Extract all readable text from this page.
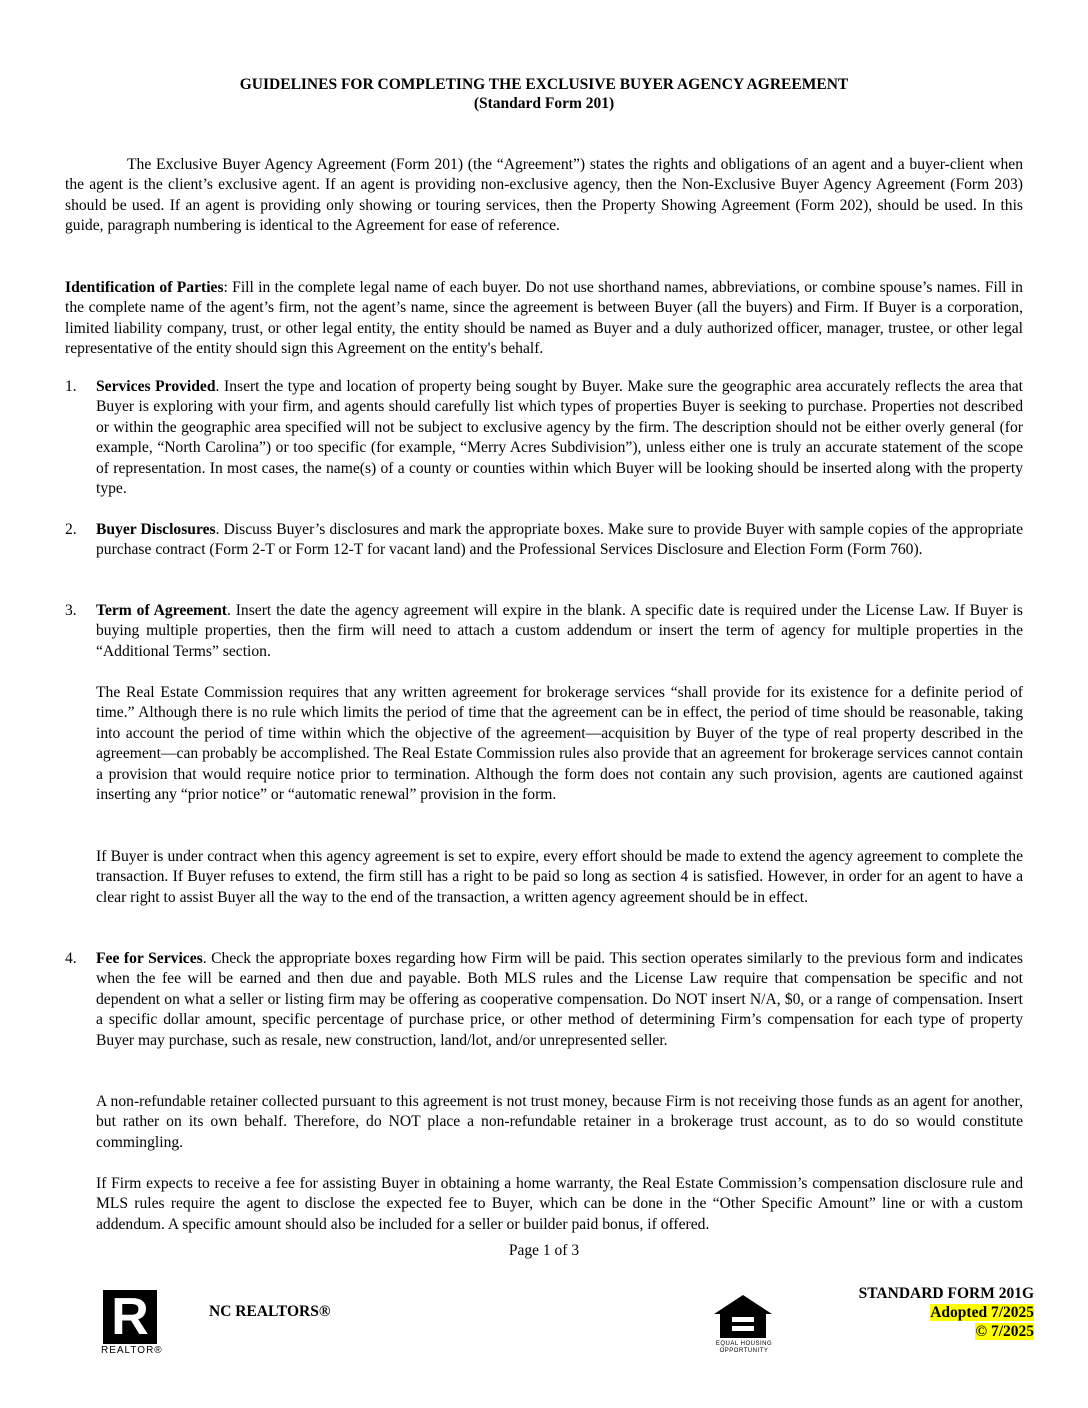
GUIDELINES FOR COMPLETING THE EXCLUSIVE BUYER AGENCY AGREEMENT
(Standard Form 201)
The Exclusive Buyer Agency Agreement (Form 201) (the “Agreement”) states the rights and obligations of an agent and a buyer-client when the agent is the client’s exclusive agent. If an agent is providing non-exclusive agency, then the Non-Exclusive Buyer Agency Agreement (Form 203) should be used. If an agent is providing only showing or touring services, then the Property Showing Agreement (Form 202), should be used. In this guide, paragraph numbering is identical to the Agreement for ease of reference.
Identification of Parties: Fill in the complete legal name of each buyer. Do not use shorthand names, abbreviations, or combine spouse’s names. Fill in the complete name of the agent’s firm, not the agent’s name, since the agreement is between Buyer (all the buyers) and Firm. If Buyer is a corporation, limited liability company, trust, or other legal entity, the entity should be named as Buyer and a duly authorized officer, manager, trustee, or other legal representative of the entity should sign this Agreement on the entity's behalf.
1.	Services Provided. Insert the type and location of property being sought by Buyer. Make sure the geographic area accurately reflects the area that Buyer is exploring with your firm, and agents should carefully list which types of properties Buyer is seeking to purchase. Properties not described or within the geographic area specified will not be subject to exclusive agency by the firm. The description should not be either overly general (for example, “North Carolina”) or too specific (for example, “Merry Acres Subdivision”), unless either one is truly an accurate statement of the scope of representation. In most cases, the name(s) of a county or counties within which Buyer will be looking should be inserted along with the property type.
2.	Buyer Disclosures. Discuss Buyer’s disclosures and mark the appropriate boxes. Make sure to provide Buyer with sample copies of the appropriate purchase contract (Form 2-T or Form 12-T for vacant land) and the Professional Services Disclosure and Election Form (Form 760).
3.	Term of Agreement. Insert the date the agency agreement will expire in the blank. A specific date is required under the License Law. If Buyer is buying multiple properties, then the firm will need to attach a custom addendum or insert the term of agency for multiple properties in the “Additional Terms” section.
The Real Estate Commission requires that any written agreement for brokerage services “shall provide for its existence for a definite period of time.” Although there is no rule which limits the period of time that the agreement can be in effect, the period of time should be reasonable, taking into account the period of time within which the objective of the agreement—acquisition by Buyer of the type of real property described in the agreement—can probably be accomplished. The Real Estate Commission rules also provide that an agreement for brokerage services cannot contain a provision that would require notice prior to termination. Although the form does not contain any such provision, agents are cautioned against inserting any “prior notice” or “automatic renewal” provision in the form.
If Buyer is under contract when this agency agreement is set to expire, every effort should be made to extend the agency agreement to complete the transaction. If Buyer refuses to extend, the firm still has a right to be paid so long as section 4 is satisfied. However, in order for an agent to have a clear right to assist Buyer all the way to the end of the transaction, a written agency agreement should be in effect.
4.	Fee for Services. Check the appropriate boxes regarding how Firm will be paid. This section operates similarly to the previous form and indicates when the fee will be earned and then due and payable. Both MLS rules and the License Law require that compensation be specific and not dependent on what a seller or listing firm may be offering as cooperative compensation. Do NOT insert N/A, $0, or a range of compensation. Insert a specific dollar amount, specific percentage of purchase price, or other method of determining Firm’s compensation for each type of property Buyer may purchase, such as resale, new construction, land/lot, and/or unrepresented seller.
A non-refundable retainer collected pursuant to this agreement is not trust money, because Firm is not receiving those funds as an agent for another, but rather on its own behalf. Therefore, do NOT place a non-refundable retainer in a brokerage trust account, as to do so would constitute commingling.
If Firm expects to receive a fee for assisting Buyer in obtaining a home warranty, the Real Estate Commission’s compensation disclosure rule and MLS rules require the agent to disclose the expected fee to Buyer, which can be done in the “Other Specific Amount” line or with a custom addendum. A specific amount should also be included for a seller or builder paid bonus, if offered.
Page 1 of 3
R
REALTOR®
NC REALTORS®
EQUAL HOUSING
OPPORTUNITY
STANDARD FORM 201G
Adopted 7/2025
© 7/2025
